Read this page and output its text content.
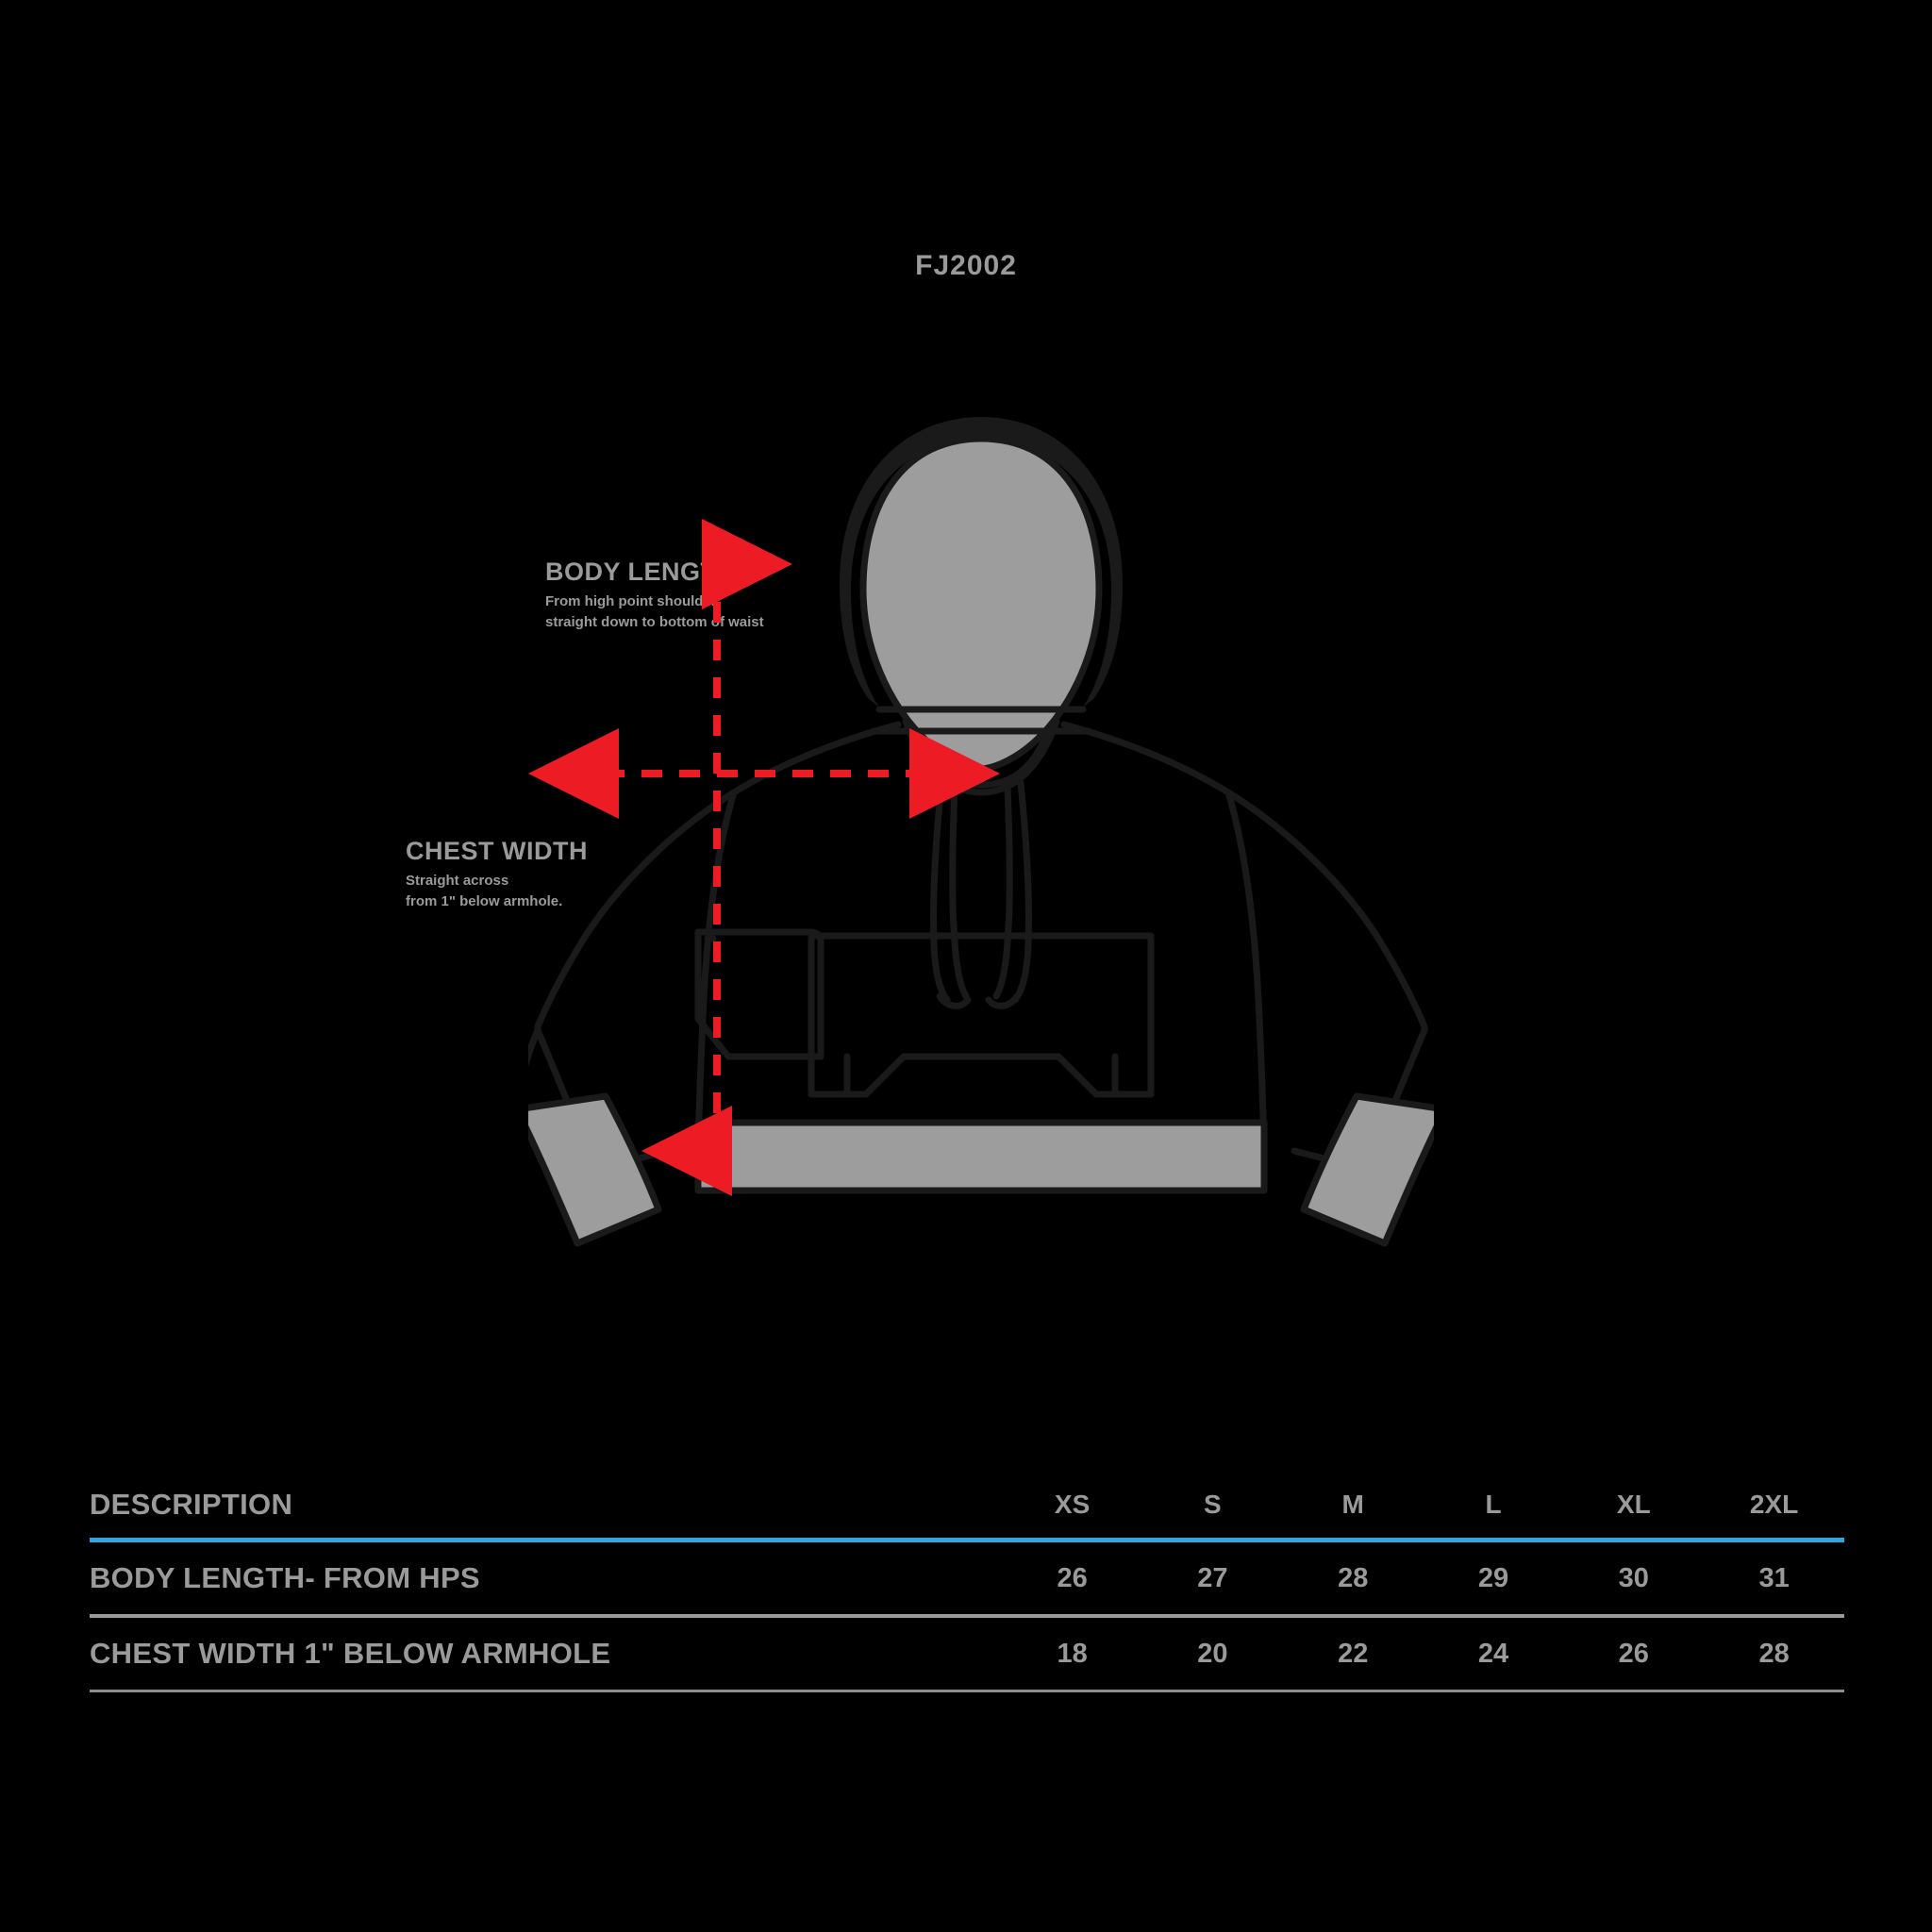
FJ2002
BODY LENGTH
From high point shoulder
straight down to bottom of waist
CHEST WIDTH
Straight across
from 1" below armhole.
DESCRIPTION	XS	S	M	L	XL	2XL
BODY LENGTH- FROM HPS	26	27	28	29	30	31
CHEST WIDTH 1" BELOW ARMHOLE	18	20	22	24	26	28
